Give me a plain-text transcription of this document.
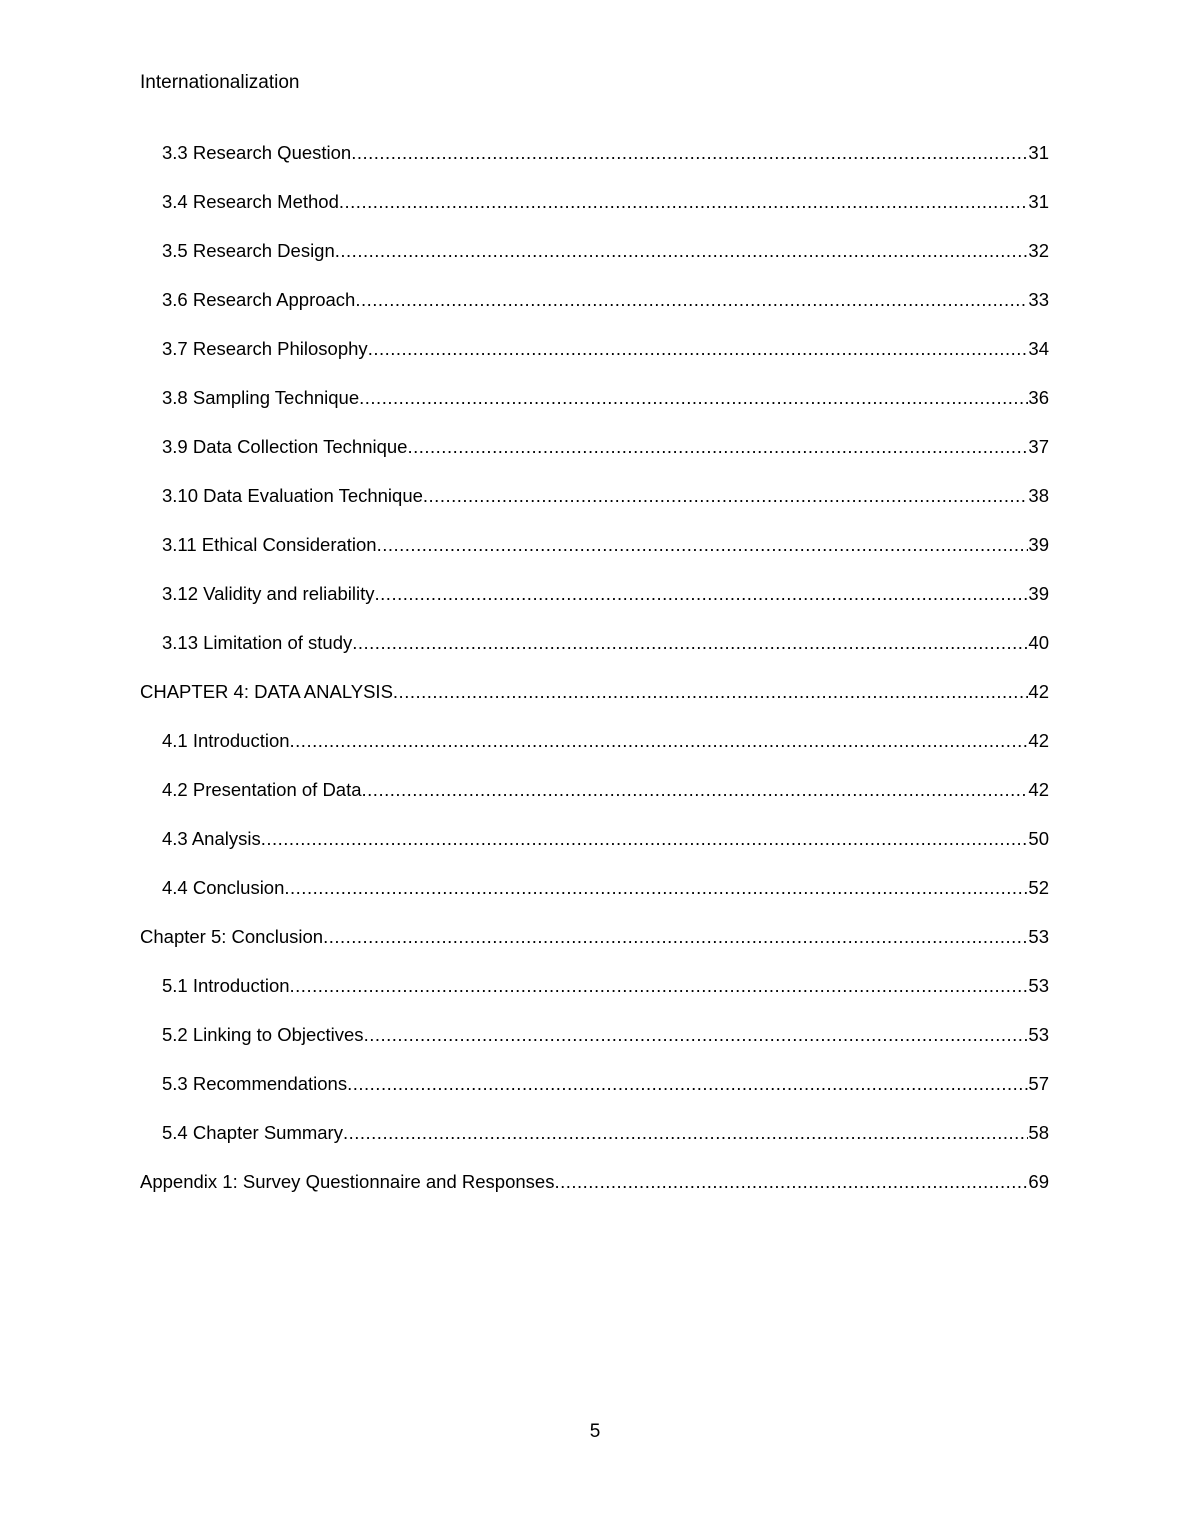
Internationalization
3.3 Research Question .....	31
3.4 Research Method .....	31
3.5 Research Design .....	32
3.6 Research Approach .....	33
3.7 Research Philosophy .....	34
3.8 Sampling Technique .....	36
3.9 Data Collection Technique .....	37
3.10 Data Evaluation Technique .....	38
3.11 Ethical Consideration .....	39
3.12 Validity and reliability .....	39
3.13 Limitation of study .....	40
CHAPTER 4: DATA ANALYSIS .....	42
4.1 Introduction .....	42
4.2 Presentation of Data .....	42
4.3 Analysis .....	50
4.4 Conclusion .....	52
Chapter 5: Conclusion .....	53
5.1 Introduction .....	53
5.2 Linking to Objectives .....	53
5.3 Recommendations .....	57
5.4 Chapter Summary .....	58
Appendix 1: Survey Questionnaire and Responses .....	69
5
